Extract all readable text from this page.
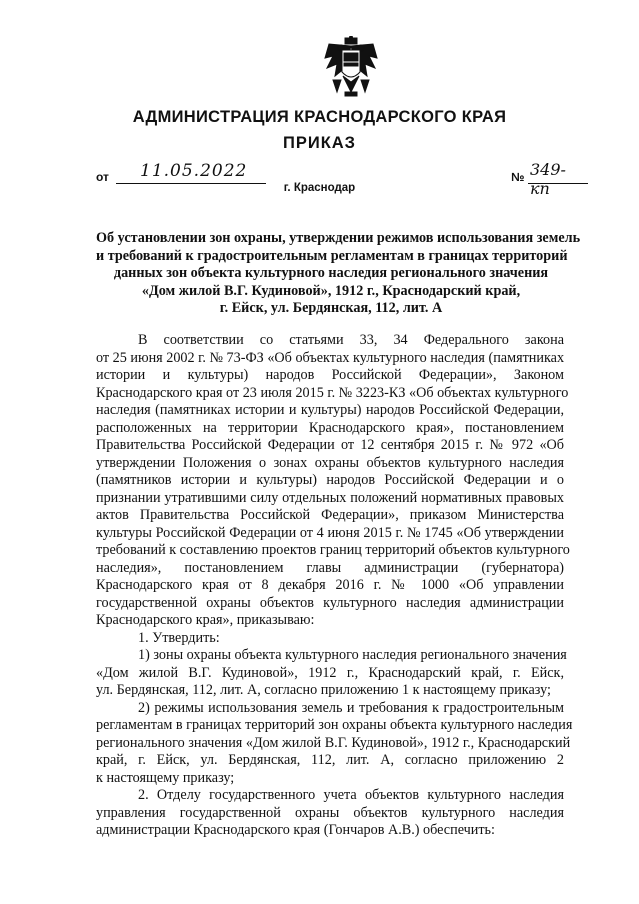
АДМИНИСТРАЦИЯ КРАСНОДАРСКОГО КРАЯ
ПРИКАЗ
от 11.05.2022	№ 349-кп
г. Краснодар
Об установлении зон охраны, утверждении режимов использования земель
и требований к градостроительным регламентам в границах территорий
данных зон объекта культурного наследия регионального значения
«Дом жилой В.Г. Кудиновой», 1912 г., Краснодарский край,
г. Ейск, ул. Бердянская, 112, лит. А
В соответствии со статьями 33, 34 Федерального закона
от 25 июня 2002 г. № 73-ФЗ «Об объектах культурного наследия (памятниках
истории и культуры) народов Российской Федерации», Законом
Краснодарского края от 23 июля 2015 г. № 3223-КЗ «Об объектах культурного
наследия (памятниках истории и культуры) народов Российской Федерации,
расположенных на территории Краснодарского края», постановлением
Правительства Российской Федерации от 12 сентября 2015 г. № 972 «Об
утверждении Положения о зонах охраны объектов культурного наследия
(памятников истории и культуры) народов Российской Федерации и о
признании утратившими силу отдельных положений нормативных правовых
актов Правительства Российской Федерации», приказом Министерства
культуры Российской Федерации от 4 июня 2015 г. № 1745 «Об утверждении
требований к составлению проектов границ территорий объектов культурного
наследия», постановлением главы администрации (губернатора)
Краснодарского края от 8 декабря 2016 г. № 1000 «Об управлении
государственной охраны объектов культурного наследия администрации
Краснодарского края», приказываю:
1. Утвердить:
1) зоны охраны объекта культурного наследия регионального значения
«Дом жилой В.Г. Кудиновой», 1912 г., Краснодарский край, г. Ейск,
ул. Бердянская, 112, лит. А, согласно приложению 1 к настоящему приказу;
2) режимы использования земель и требования к градостроительным
регламентам в границах территорий зон охраны объекта культурного наследия
регионального значения «Дом жилой В.Г. Кудиновой», 1912 г., Краснодарский
край, г. Ейск, ул. Бердянская, 112, лит. А, согласно приложению 2
к настоящему приказу;
2. Отделу государственного учета объектов культурного наследия
управления государственной охраны объектов культурного наследия
администрации Краснодарского края (Гончаров А.В.) обеспечить:
